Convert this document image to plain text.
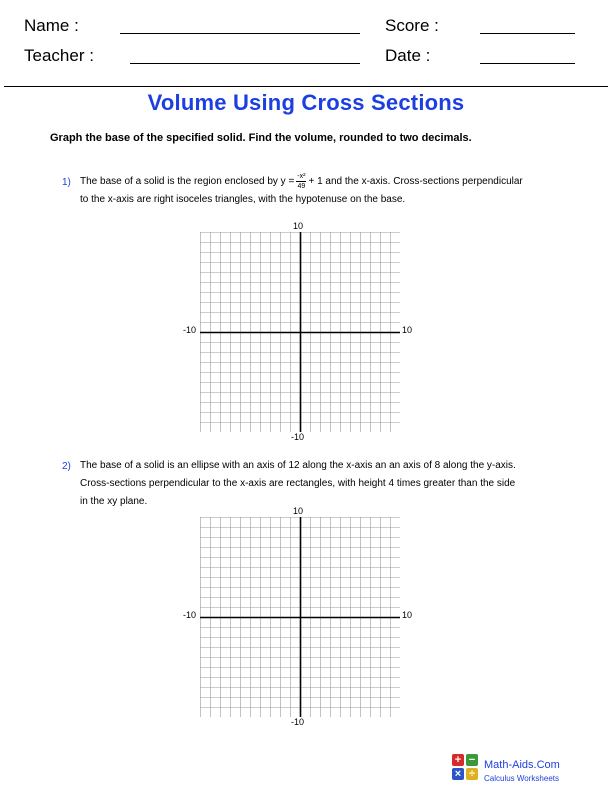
Name :	Score :
Teacher :	Date :
Volume Using Cross Sections
Graph the base of the specified solid. Find the volume, rounded to two decimals.
1) The base of a solid is the region enclosed by $y = \frac{\text{-x²}}{49} + 1$ and the x-axis. Cross-sections perpendicular
to the x-axis are right isoceles triangles, with the hypotenuse on the base.
10
-10
-10	10
2) The base of a solid is an ellipse with an axis of 12 along the x-axis an an axis of 8 along the y-axis.
Cross-sections perpendicular to the x-axis are rectangles, with height 4 times greater than the side
in the xy plane.
10
-10
-10	10
+ −
× ÷
Math-Aids.Com
Calculus Worksheets
